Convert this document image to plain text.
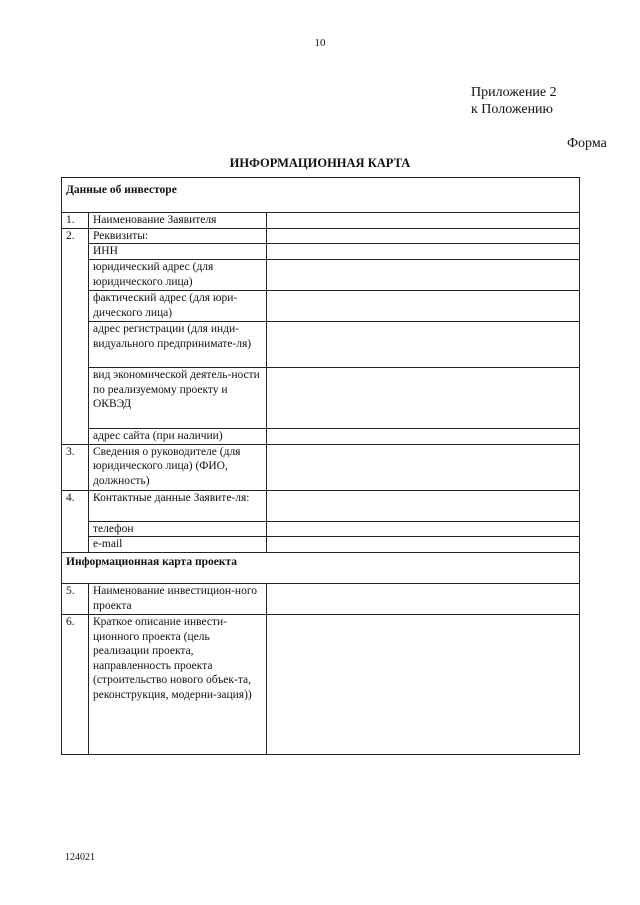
10
Приложение 2
к Положению
Форма
ИНФОРМАЦИОННАЯ КАРТА
Данные об инвесторе		
1.	Наименование Заявителя	
2.	Реквизиты:	
	ИНН	
	юридический адрес (для юридического лица)	
	фактический адрес (для юри-дического лица)	
	адрес регистрации (для инди-видуального предпринимате-ля)	
	вид экономической деятель-ности по реализуемому проекту и ОКВЭД	
	адрес сайта (при наличии)	
3.	Сведения о руководителе (для юридического лица) (ФИО, должность)	
4.	Контактные данные Заявите-ля:	
	телефон	
	e-mail	
Информационная карта проекта		
5.	Наименование инвестицион-ного проекта	
6.	Краткое описание инвести-ционного проекта (цель реализации проекта, направленность проекта (строительство нового объек-та, реконструкция, модерни-зация))	
124021
